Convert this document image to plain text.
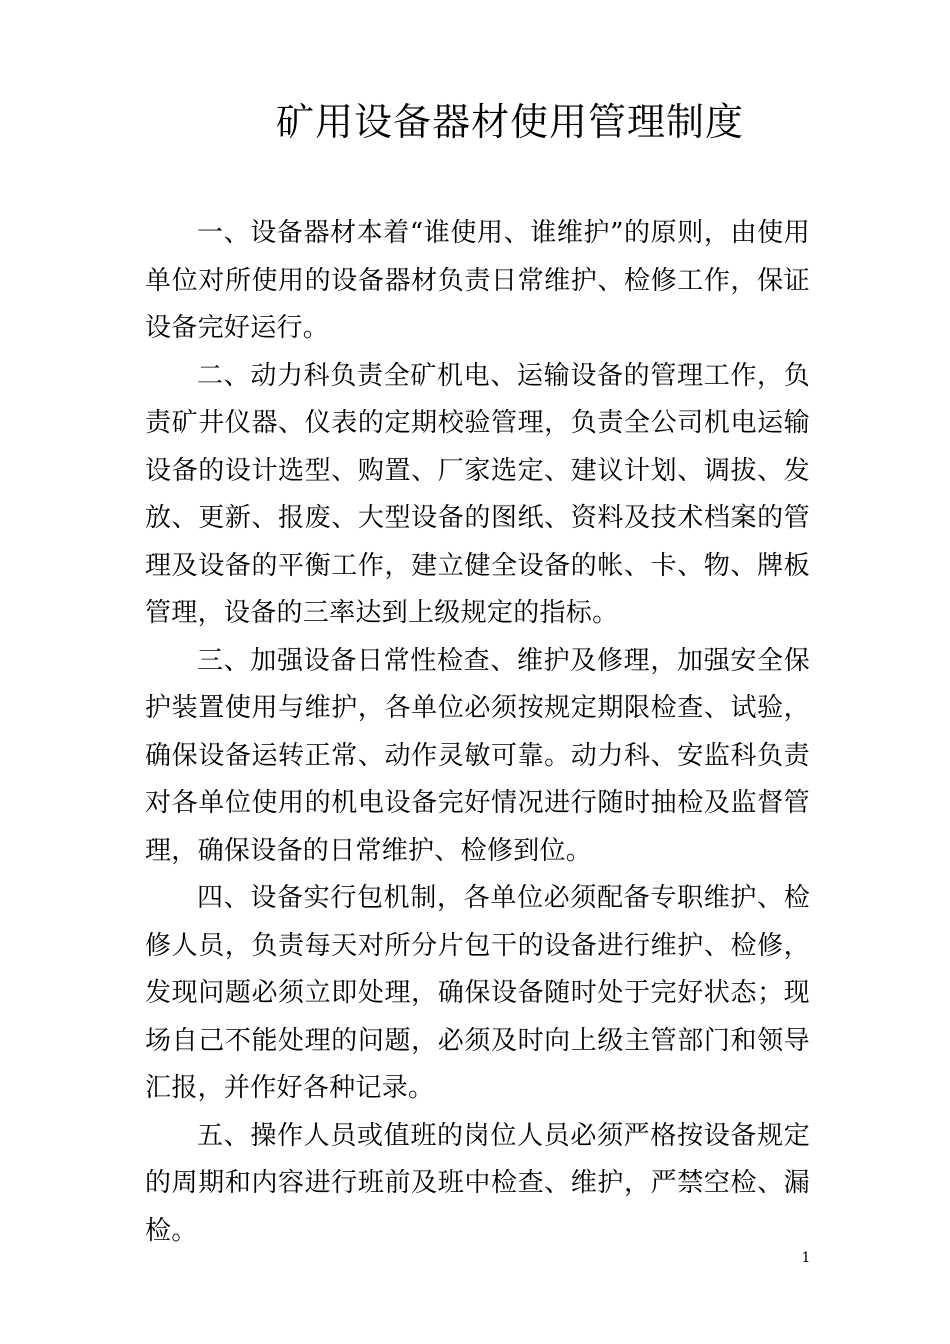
矿用设备器材使用管理制度

一、设备器材本着“谁使用、谁维护”的原则，由使用单位对所使用的设备器材负责日常维护、检修工作，保证设备完好运行。

二、动力科负责全矿机电、运输设备的管理工作，负责矿井仪器、仪表的定期校验管理，负责全公司机电运输设备的设计选型、购置、厂家选定、建议计划、调拔、发放、更新、报废、大型设备的图纸、资料及技术档案的管理及设备的平衡工作，建立健全设备的帐、卡、物、牌板管理，设备的三率达到上级规定的指标。

三、加强设备日常性检查、维护及修理，加强安全保护装置使用与维护，各单位必须按规定期限检查、试验，确保设备运转正常、动作灵敏可靠。动力科、安监科负责对各单位使用的机电设备完好情况进行随时抽检及监督管理，确保设备的日常维护、检修到位。

四、设备实行包机制，各单位必须配备专职维护、检修人员，负责每天对所分片包干的设备进行维护、检修，发现问题必须立即处理，确保设备随时处于完好状态；现场自己不能处理的问题，必须及时向上级主管部门和领导汇报，并作好各种记录。

五、操作人员或值班的岗位人员必须严格按设备规定的周期和内容进行班前及班中检查、维护，严禁空检、漏检。

1
